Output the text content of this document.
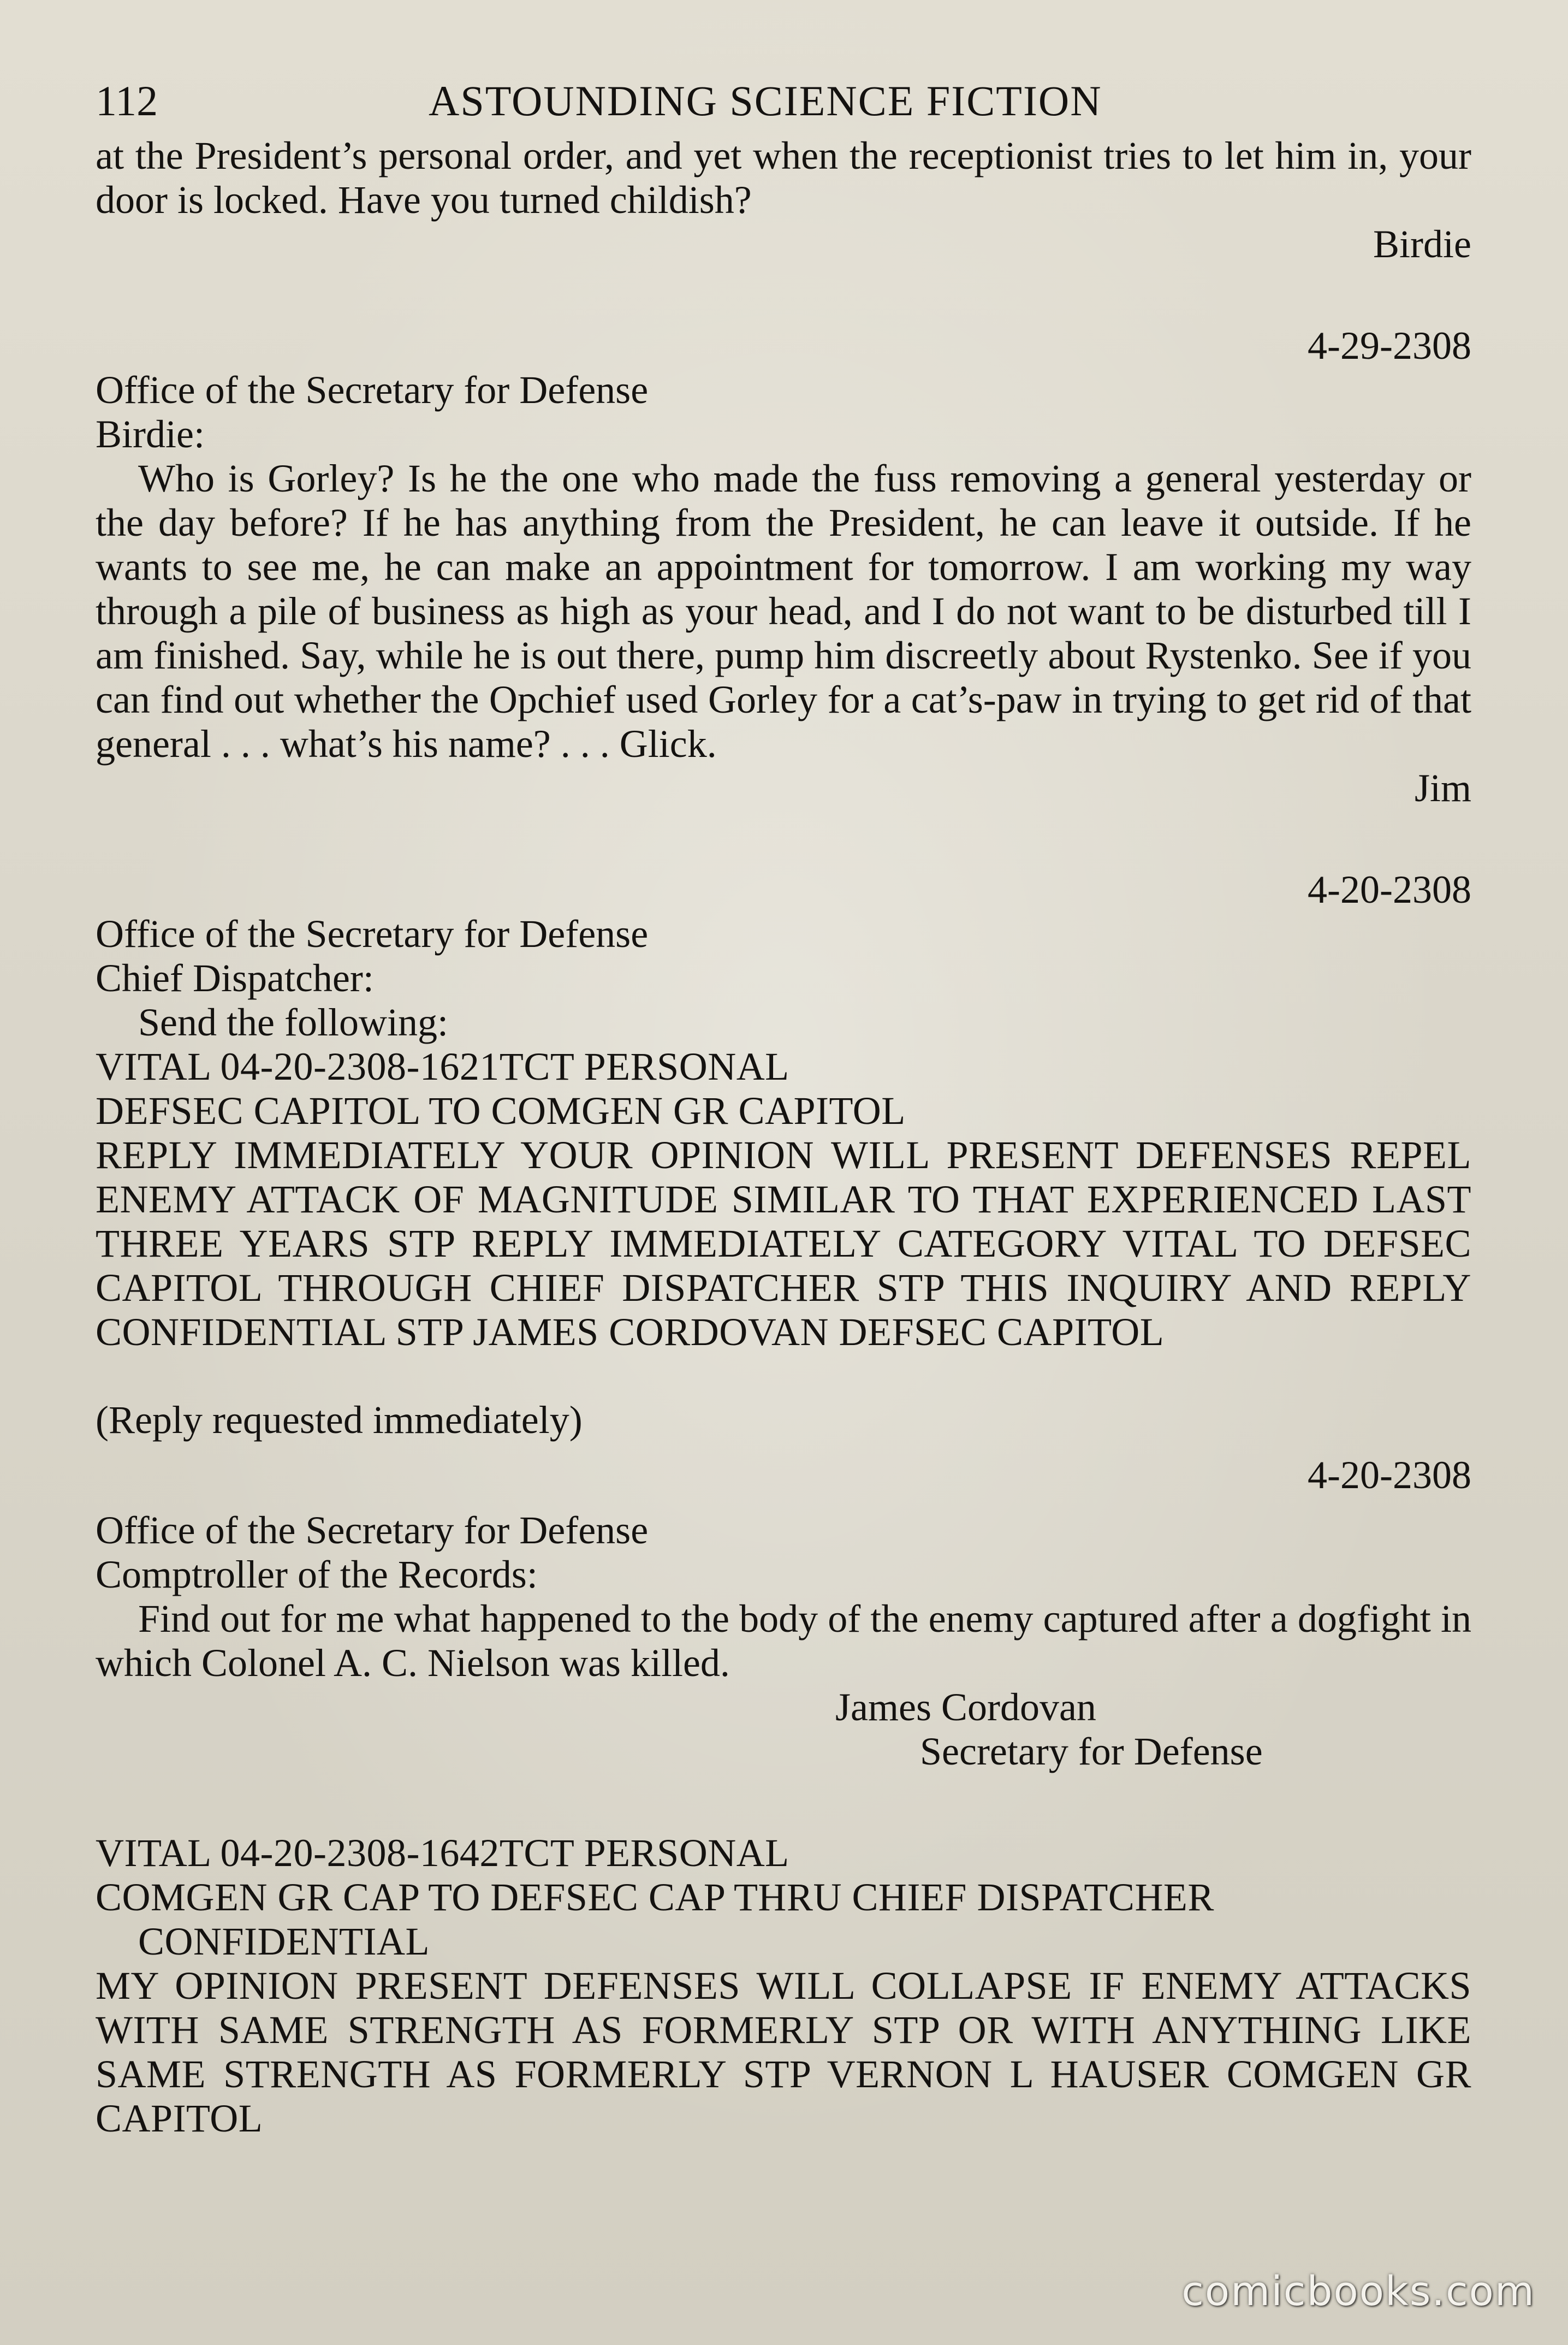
112	ASTOUNDING SCIENCE FICTION

at the President’s personal order, and yet when the receptionist tries to let him in, your door is locked. Have you turned childish?

Birdie

4-29-2308

Office of the Secretary for Defense

Birdie:

Who is Gorley? Is he the one who made the fuss removing a general yesterday or the day before? If he has anything from the President, he can leave it outside. If he wants to see me, he can make an appointment for tomorrow. I am working my way through a pile of business as high as your head, and I do not want to be disturbed till I am finished. Say, while he is out there, pump him discreetly about Rystenko. See if you can find out whether the Opchief used Gorley for a cat’s-paw in trying to get rid of that general . . . what’s his name? . . . Glick.

Jim

4-20-2308

Office of the Secretary for Defense

Chief Dispatcher:

Send the following:

VITAL 04-20-2308-1621TCT PERSONAL

DEFSEC CAPITOL TO COMGEN GR CAPITOL

REPLY IMMEDIATELY YOUR OPINION WILL PRESENT DEFENSES REPEL ENEMY ATTACK OF MAGNITUDE SIMILAR TO THAT EXPERIENCED LAST THREE YEARS STP REPLY IMMEDIATELY CATEGORY VITAL TO DEFSEC CAPITOL THROUGH CHIEF DISPATCHER STP THIS INQUIRY AND REPLY CONFIDENTIAL STP JAMES CORDOVAN DEFSEC CAPITOL

(Reply requested immediately)

4-20-2308

Office of the Secretary for Defense

Comptroller of the Records:

Find out for me what happened to the body of the enemy captured after a dogfight in which Colonel A. C. Nielson was killed.

James Cordovan
Secretary for Defense

VITAL 04-20-2308-1642TCT PERSONAL

COMGEN GR CAP TO DEFSEC CAP THRU CHIEF DISPATCHER

CONFIDENTIAL

MY OPINION PRESENT DEFENSES WILL COLLAPSE IF ENEMY ATTACKS WITH SAME STRENGTH AS FORMERLY STP OR WITH ANYTHING LIKE SAME STRENGTH AS FORMERLY STP VERNON L HAUSER COMGEN GR CAPITOL

comicbooks.com
